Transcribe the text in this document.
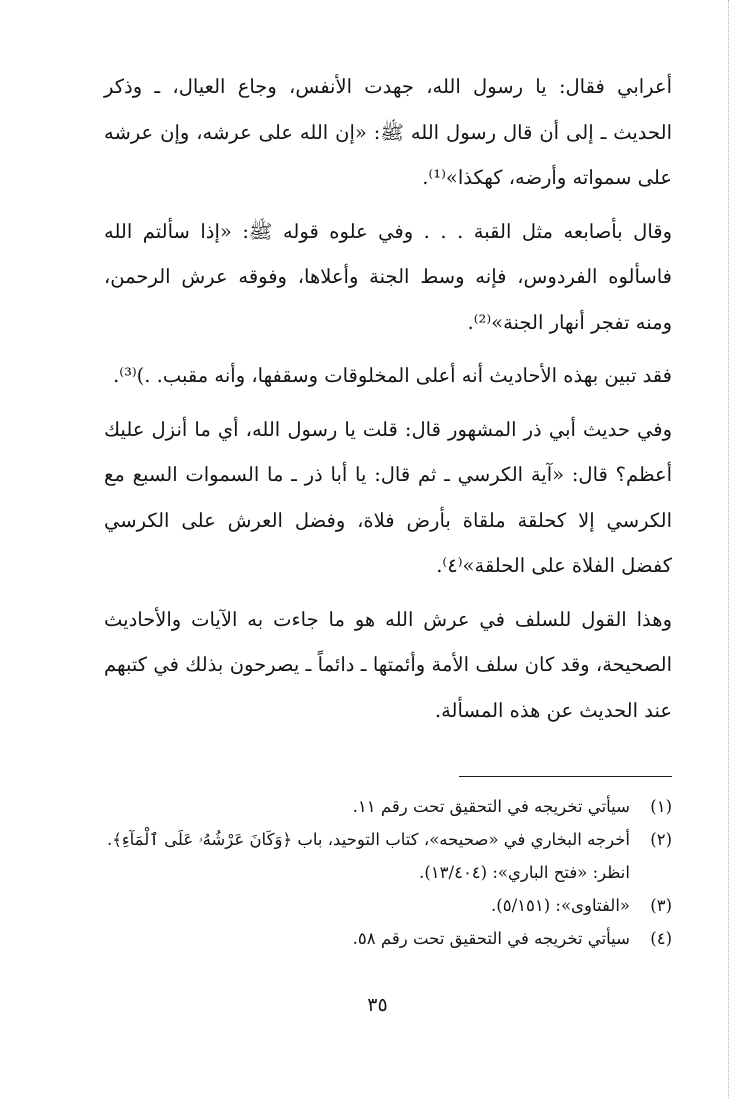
أعرابي فقال: يا رسول الله، جهدت الأنفس، وجاع العيال، ـ وذكر الحديث ـ إلى أن قال رسول الله ﷺ: «إن الله على عرشه، وإن عرشه على سمواته وأرضه، كهكذا»⁽¹⁾.

وقال بأصابعه مثل القبة . . . وفي علوه قوله ﷺ: «إذا سألتم الله فاسألوه الفردوس، فإنه وسط الجنة وأعلاها، وفوقه عرش الرحمن، ومنه تفجر أنهار الجنة»⁽²⁾.

فقد تبين بهذه الأحاديث أنه أعلى المخلوقات وسقفها، وأنه مقبب. .)⁽³⁾.

وفي حديث أبي ذر المشهور قال: قلت يا رسول الله، أي ما أنزل عليك أعظم؟ قال: «آية الكرسي ـ ثم قال: يا أبا ذر ـ ما السموات السبع مع الكرسي إلا كحلقة ملقاة بأرض فلاة، وفضل العرش على الكرسي كفضل الفلاة على الحلقة»⁽٤⁾.

وهذا القول للسلف في عرش الله هو ما جاءت به الآيات والأحاديث الصحيحة، وقد كان سلف الأمة وأئمتها ـ دائماً ـ يصرحون بذلك في كتبهم عند الحديث عن هذه المسألة.

(١)
سيأتي تخريجه في التحقيق تحت رقم ١١.

(٢)
أخرجه البخاري في «صحيحه»، كتاب التوحيد، باب ﴿وَكَانَ عَرْشُهُۥ عَلَى ٱلْمَآءِ﴾. انظر: «فتح الباري»: (١٣/٤٠٤).

(٣)
«الفتاوى»: (٥/١٥١).

(٤)
سيأتي تخريجه في التحقيق تحت رقم ٥٨.

٣٥
